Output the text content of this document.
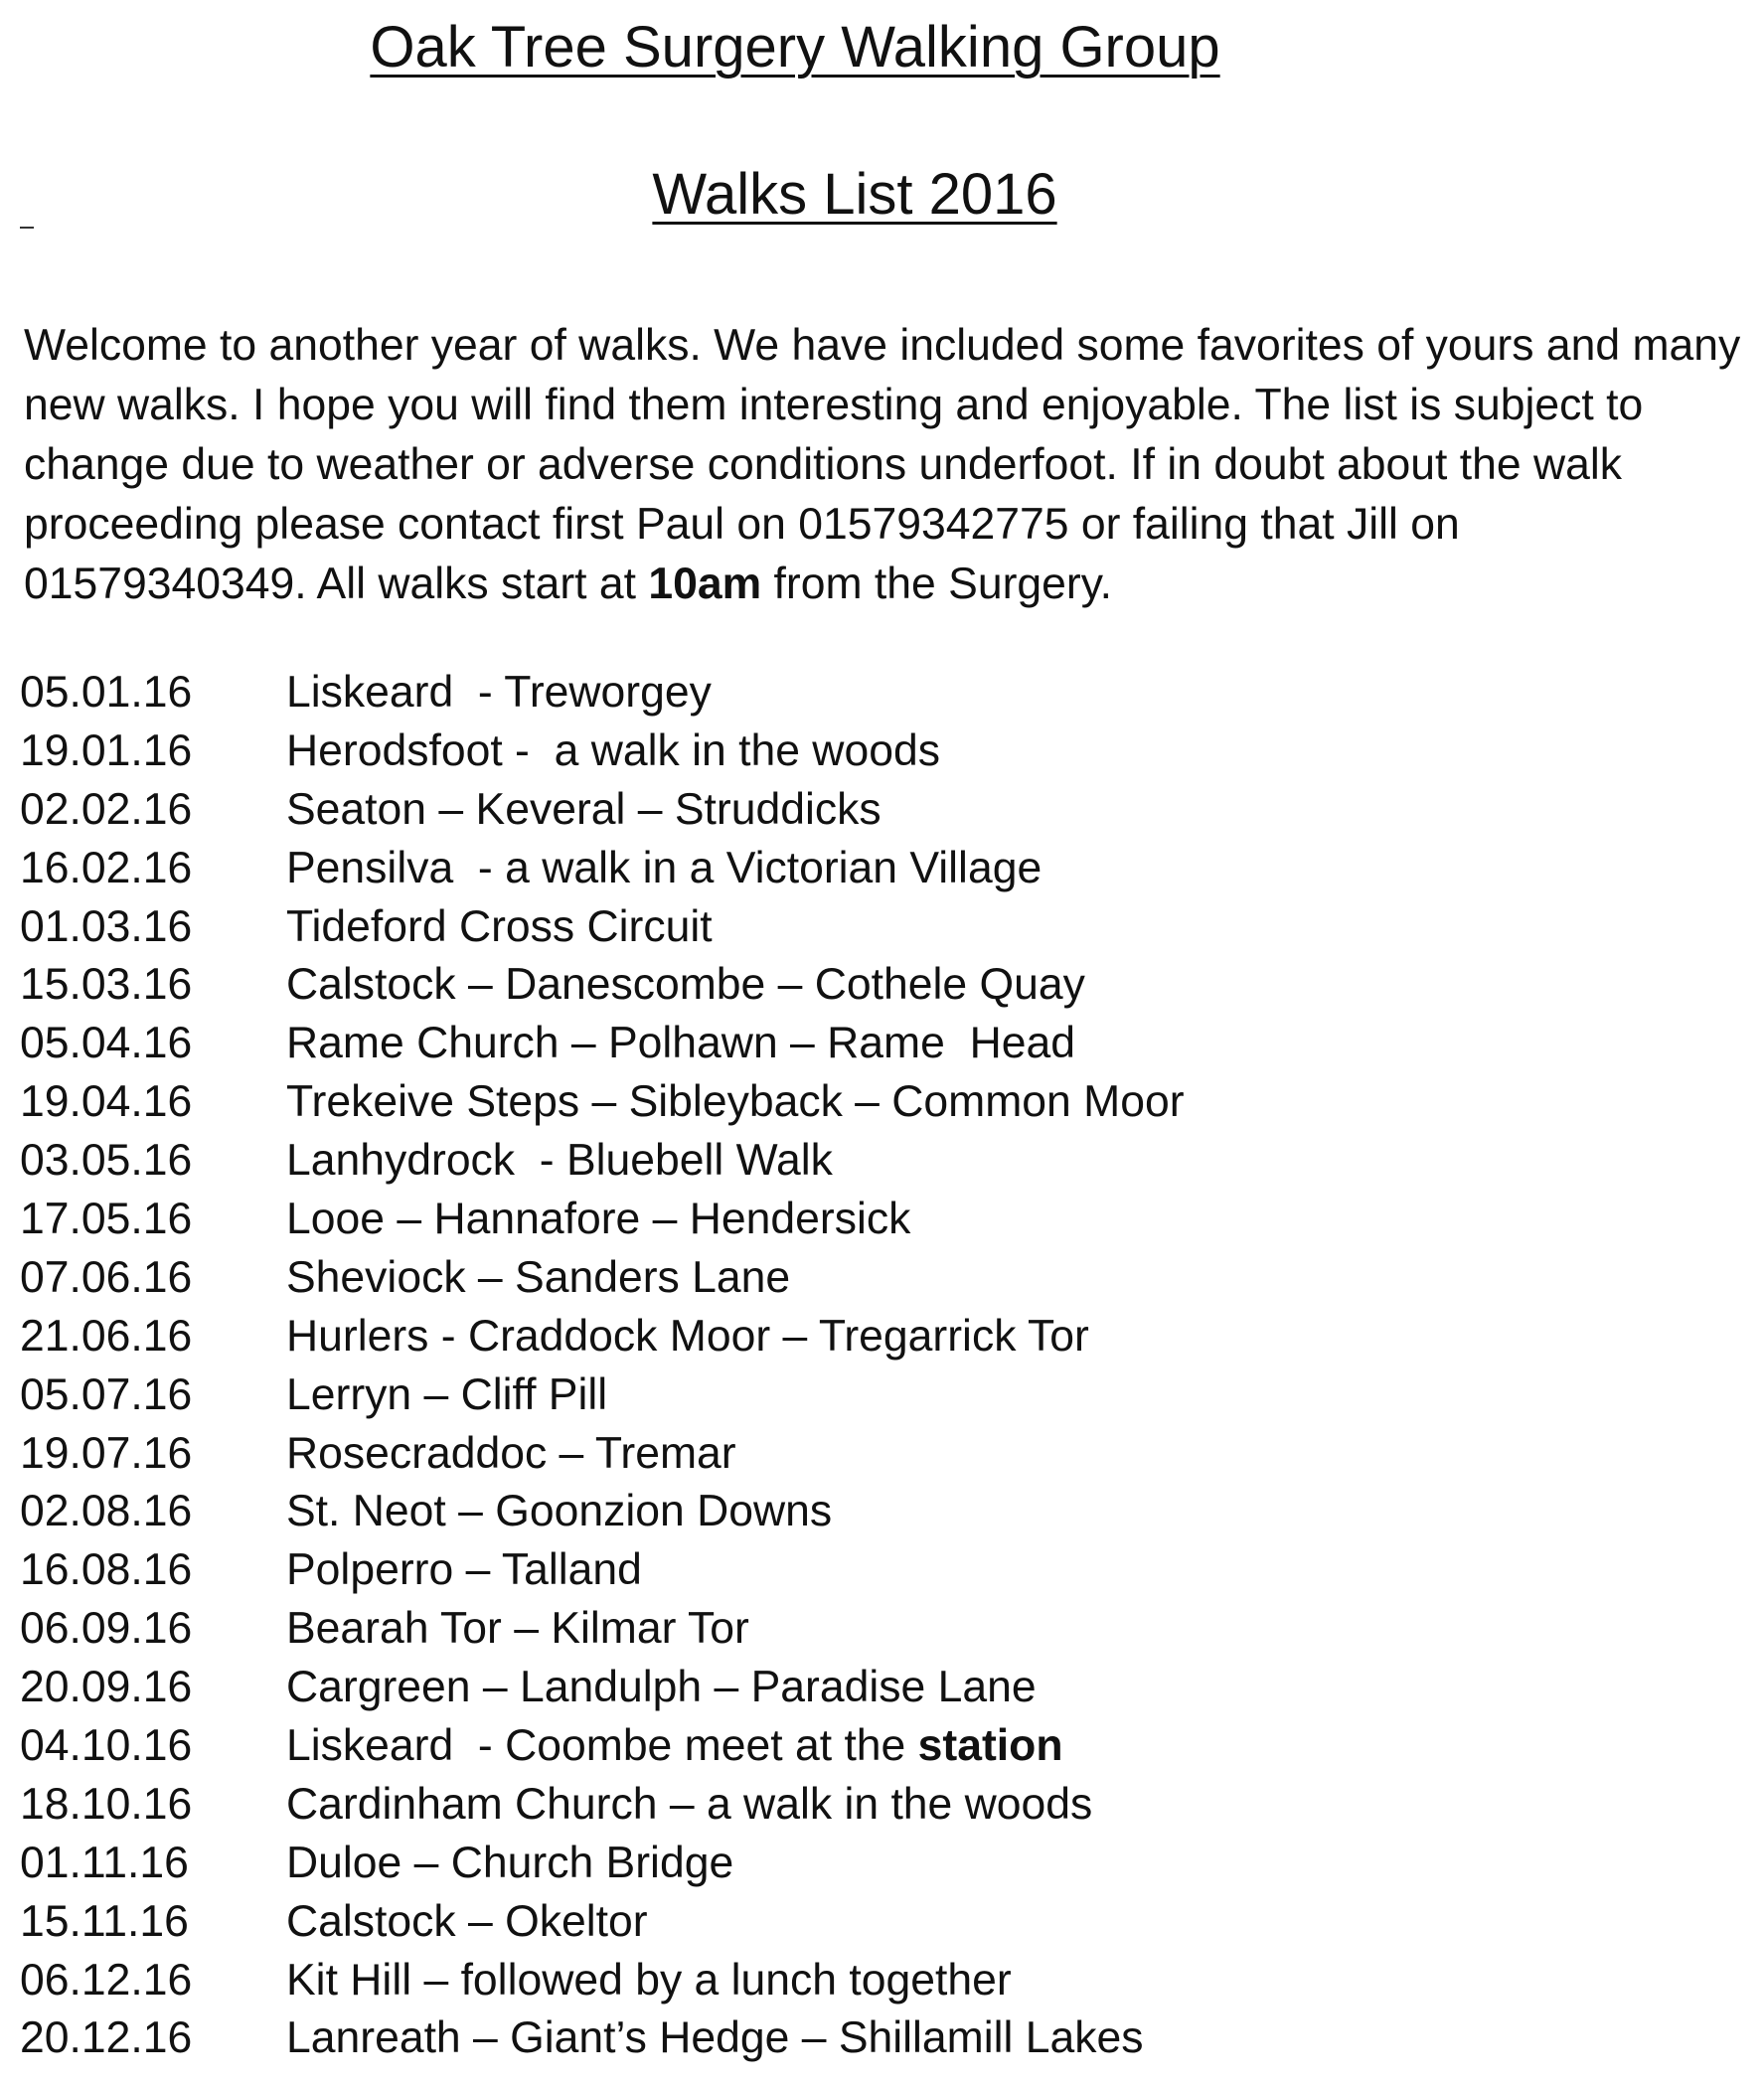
Oak Tree Surgery Walking Group
Walks List 2016

Welcome to another year of walks. We have included some favorites of yours and many new walks. I hope you will find them interesting and enjoyable. The list is subject to change due to weather or adverse conditions underfoot. If in doubt about the walk proceeding please contact first Paul on 01579342775 or failing that Jill on 01579340349. All walks start at 10am from the Surgery.

05.01.16	Liskeard  - Treworgey
19.01.16	Herodsfoot -  a walk in the woods
02.02.16	Seaton – Keveral – Struddicks
16.02.16	Pensilva  - a walk in a Victorian Village
01.03.16	Tideford Cross Circuit
15.03.16	Calstock – Danescombe – Cothele Quay
05.04.16	Rame Church – Polhawn – Rame  Head
19.04.16	Trekeive Steps – Sibleyback – Common Moor
03.05.16	Lanhydrock  - Bluebell Walk
17.05.16	Looe – Hannafore – Hendersick
07.06.16	Sheviock – Sanders Lane
21.06.16	Hurlers - Craddock Moor – Tregarrick Tor
05.07.16	Lerryn – Cliff Pill
19.07.16	Rosecraddoc – Tremar
02.08.16	St. Neot – Goonzion Downs
16.08.16	Polperro – Talland
06.09.16	Bearah Tor – Kilmar Tor
20.09.16	Cargreen – Landulph – Paradise Lane
04.10.16	Liskeard  - Coombe meet at the station
18.10.16	Cardinham Church – a walk in the woods
01.11.16	Duloe – Church Bridge
15.11.16	Calstock – Okeltor
06.12.16	Kit Hill – followed by a lunch together
20.12.16	Lanreath – Giant’s Hedge – Shillamill Lakes
